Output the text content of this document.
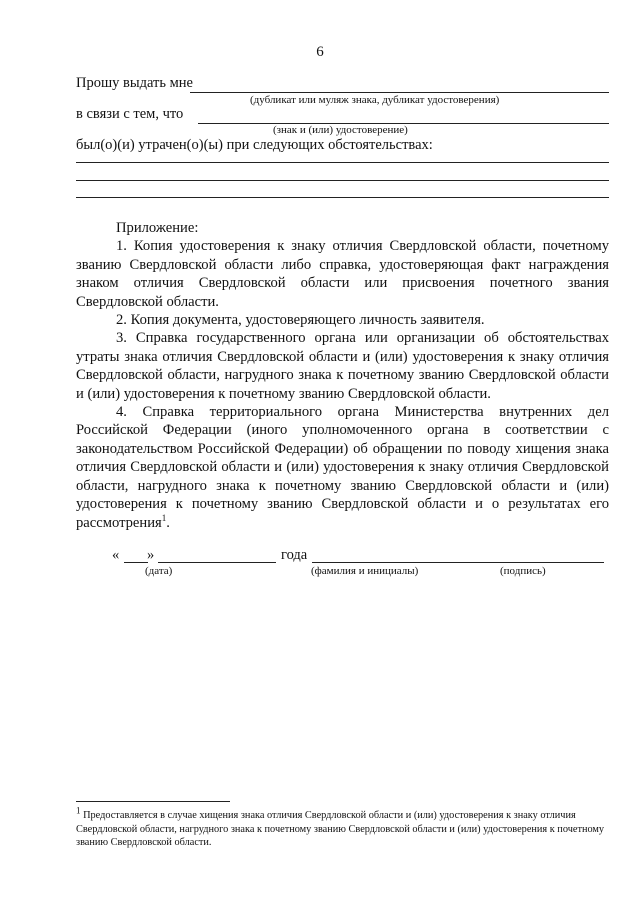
6
Прошу выдать мне
(дубликат или муляж знака, дубликат удостоверения)
в связи с тем, что
(знак и (или) удостоверение)
был(о)(и) утрачен(о)(ы) при следующих обстоятельствах:

Приложение:

1. Копия удостоверения к знаку отличия Свердловской области, почетному званию Свердловской области либо справка, удостоверяющая факт награждения знаком отличия Свердловской области или присвоения почетного звания Свердловской области.

2. Копия документа, удостоверяющего личность заявителя.

3. Справка государственного органа или организации об обстоятельствах утраты знака отличия Свердловской области и (или) удостоверения к знаку отличия Свердловской области, нагрудного знака к почетному званию Свердловской области и (или) удостоверения к почетному званию Свердловской области.

4. Справка территориального органа Министерства внутренних дел Российской Федерации (иного уполномоченного органа в соответствии с законодательством Российской Федерации) об обращении по поводу хищения знака отличия Свердловской области и (или) удостоверения к знаку отличия Свердловской области, нагрудного знака к почетному званию Свердловской области и (или) удостоверения к почетному званию Свердловской области и о результатах его рассмотрения$^1$.

« »	года
(дата)	(фамилия и инициалы)	(подпись)
$^1$ Предоставляется в случае хищения знака отличия Свердловской области и (или) удостоверения к знаку отличия Свердловской области, нагрудного знака к почетному званию Свердловской области и (или) удостоверения к почетному званию Свердловской области.
